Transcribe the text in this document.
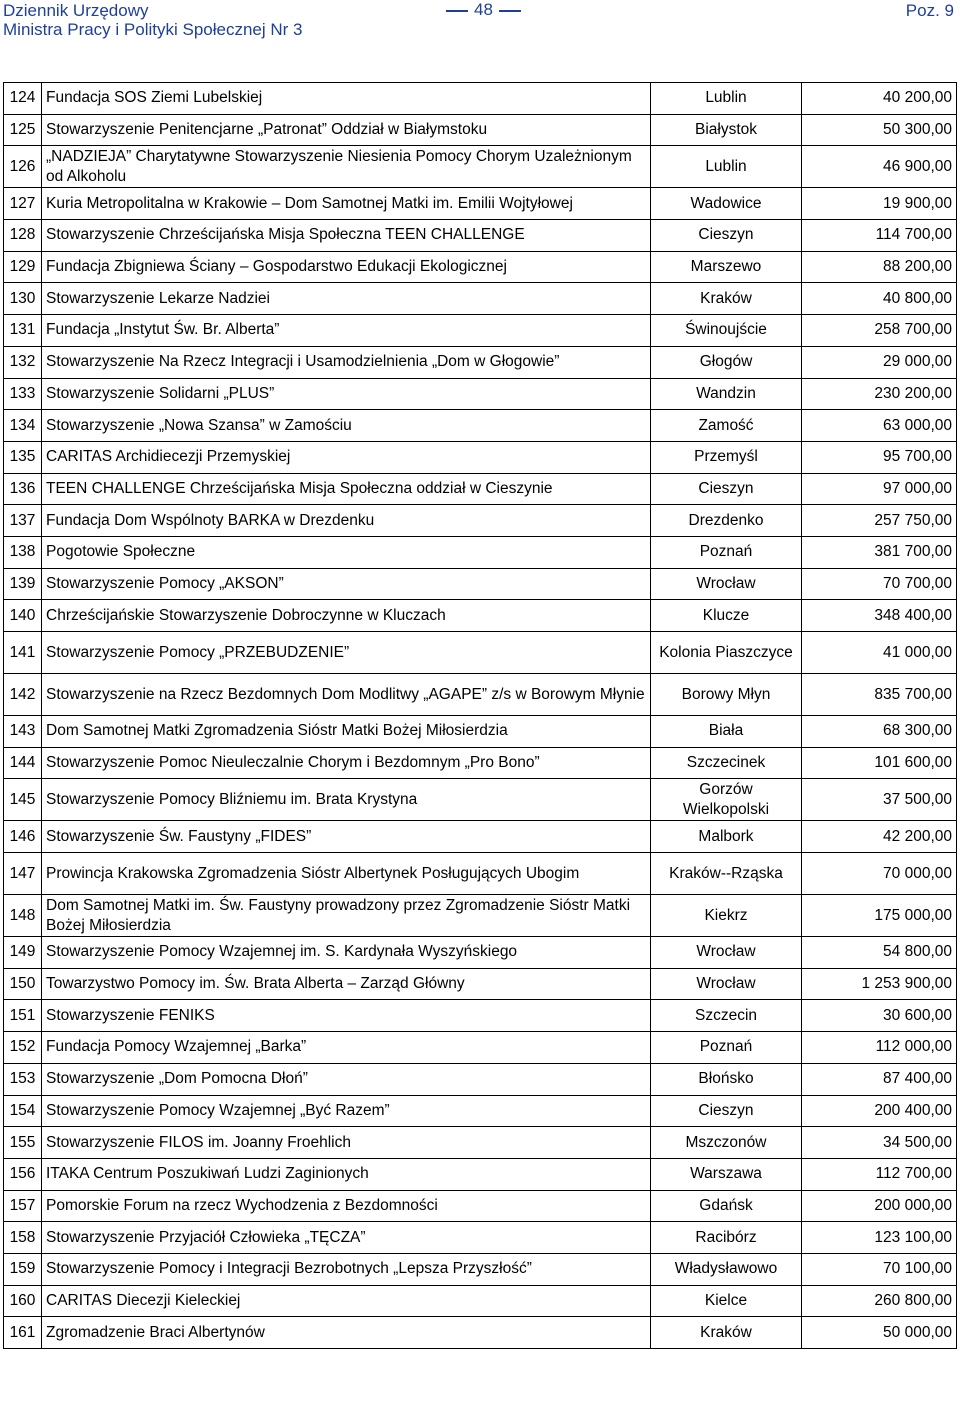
Dziennik Urzędowy
Ministra Pracy i Polityki Społecznej Nr 3
48	Poz. 9
124	Fundacja SOS Ziemi Lubelskiej	Lublin	40 200,00
125	Stowarzyszenie Penitencjarne „Patronat” Oddział w Białymstoku	Białystok	50 300,00
126	„NADZIEJA” Charytatywne Stowarzyszenie Niesienia Pomocy Chorym Uzależnionym od Alkoholu	Lublin	46 900,00
127	Kuria Metropolitalna w Krakowie – Dom Samotnej Matki im. Emilii Wojtyłowej	Wadowice	19 900,00
128	Stowarzyszenie Chrześcijańska Misja Społeczna TEEN CHALLENGE	Cieszyn	114 700,00
129	Fundacja Zbigniewa Ściany – Gospodarstwo Edukacji Ekologicznej	Marszewo	88 200,00
130	Stowarzyszenie Lekarze Nadziei	Kraków	40 800,00
131	Fundacja „Instytut Św. Br. Alberta”	Świnoujście	258 700,00
132	Stowarzyszenie Na Rzecz Integracji i Usamodzielnienia „Dom w Głogowie”	Głogów	29 000,00
133	Stowarzyszenie Solidarni „PLUS”	Wandzin	230 200,00
134	Stowarzyszenie „Nowa Szansa” w Zamościu	Zamość	63 000,00
135	CARITAS Archidiecezji Przemyskiej	Przemyśl	95 700,00
136	TEEN CHALLENGE Chrześcijańska Misja Społeczna oddział w Cieszynie	Cieszyn	97 000,00
137	Fundacja Dom Wspólnoty BARKA w Drezdenku	Drezdenko	257 750,00
138	Pogotowie Społeczne	Poznań	381 700,00
139	Stowarzyszenie Pomocy „AKSON”	Wrocław	70 700,00
140	Chrześcijańskie Stowarzyszenie Dobroczynne w Kluczach	Klucze	348 400,00
141	Stowarzyszenie Pomocy „PRZEBUDZENIE”	Kolonia Piaszczyce	41 000,00
142	Stowarzyszenie na Rzecz Bezdomnych Dom Modlitwy „AGAPE” z/s w Borowym Młynie	Borowy Młyn	835 700,00
143	Dom Samotnej Matki Zgromadzenia Sióstr Matki Bożej Miłosierdzia	Biała	68 300,00
144	Stowarzyszenie Pomoc Nieuleczalnie Chorym i Bezdomnym „Pro Bono”	Szczecinek	101 600,00
145	Stowarzyszenie Pomocy Bliźniemu im. Brata Krystyna	Gorzów Wielkopolski	37 500,00
146	Stowarzyszenie Św. Faustyny „FIDES”	Malbork	42 200,00
147	Prowincja Krakowska Zgromadzenia Sióstr Albertynek Posługujących Ubogim	Kraków--Rząska	70 000,00
148	Dom Samotnej Matki im. Św. Faustyny prowadzony przez Zgromadzenie Sióstr Matki Bożej Miłosierdzia	Kiekrz	175 000,00
149	Stowarzyszenie Pomocy Wzajemnej im. S. Kardynała Wyszyńskiego	Wrocław	54 800,00
150	Towarzystwo Pomocy im. Św. Brata Alberta – Zarząd Główny	Wrocław	1 253 900,00
151	Stowarzyszenie FENIKS	Szczecin	30 600,00
152	Fundacja Pomocy Wzajemnej „Barka”	Poznań	112 000,00
153	Stowarzyszenie „Dom Pomocna Dłoń”	Błońsko	87 400,00
154	Stowarzyszenie Pomocy Wzajemnej „Być Razem”	Cieszyn	200 400,00
155	Stowarzyszenie FILOS im. Joanny Froehlich	Mszczonów	34 500,00
156	ITAKA Centrum Poszukiwań Ludzi Zaginionych	Warszawa	112 700,00
157	Pomorskie Forum na rzecz Wychodzenia z Bezdomności	Gdańsk	200 000,00
158	Stowarzyszenie Przyjaciół Człowieka „TĘCZA”	Racibórz	123 100,00
159	Stowarzyszenie Pomocy i Integracji Bezrobotnych „Lepsza Przyszłość”	Władysławowo	70 100,00
160	CARITAS Diecezji Kieleckiej	Kielce	260 800,00
161	Zgromadzenie Braci Albertynów	Kraków	50 000,00
